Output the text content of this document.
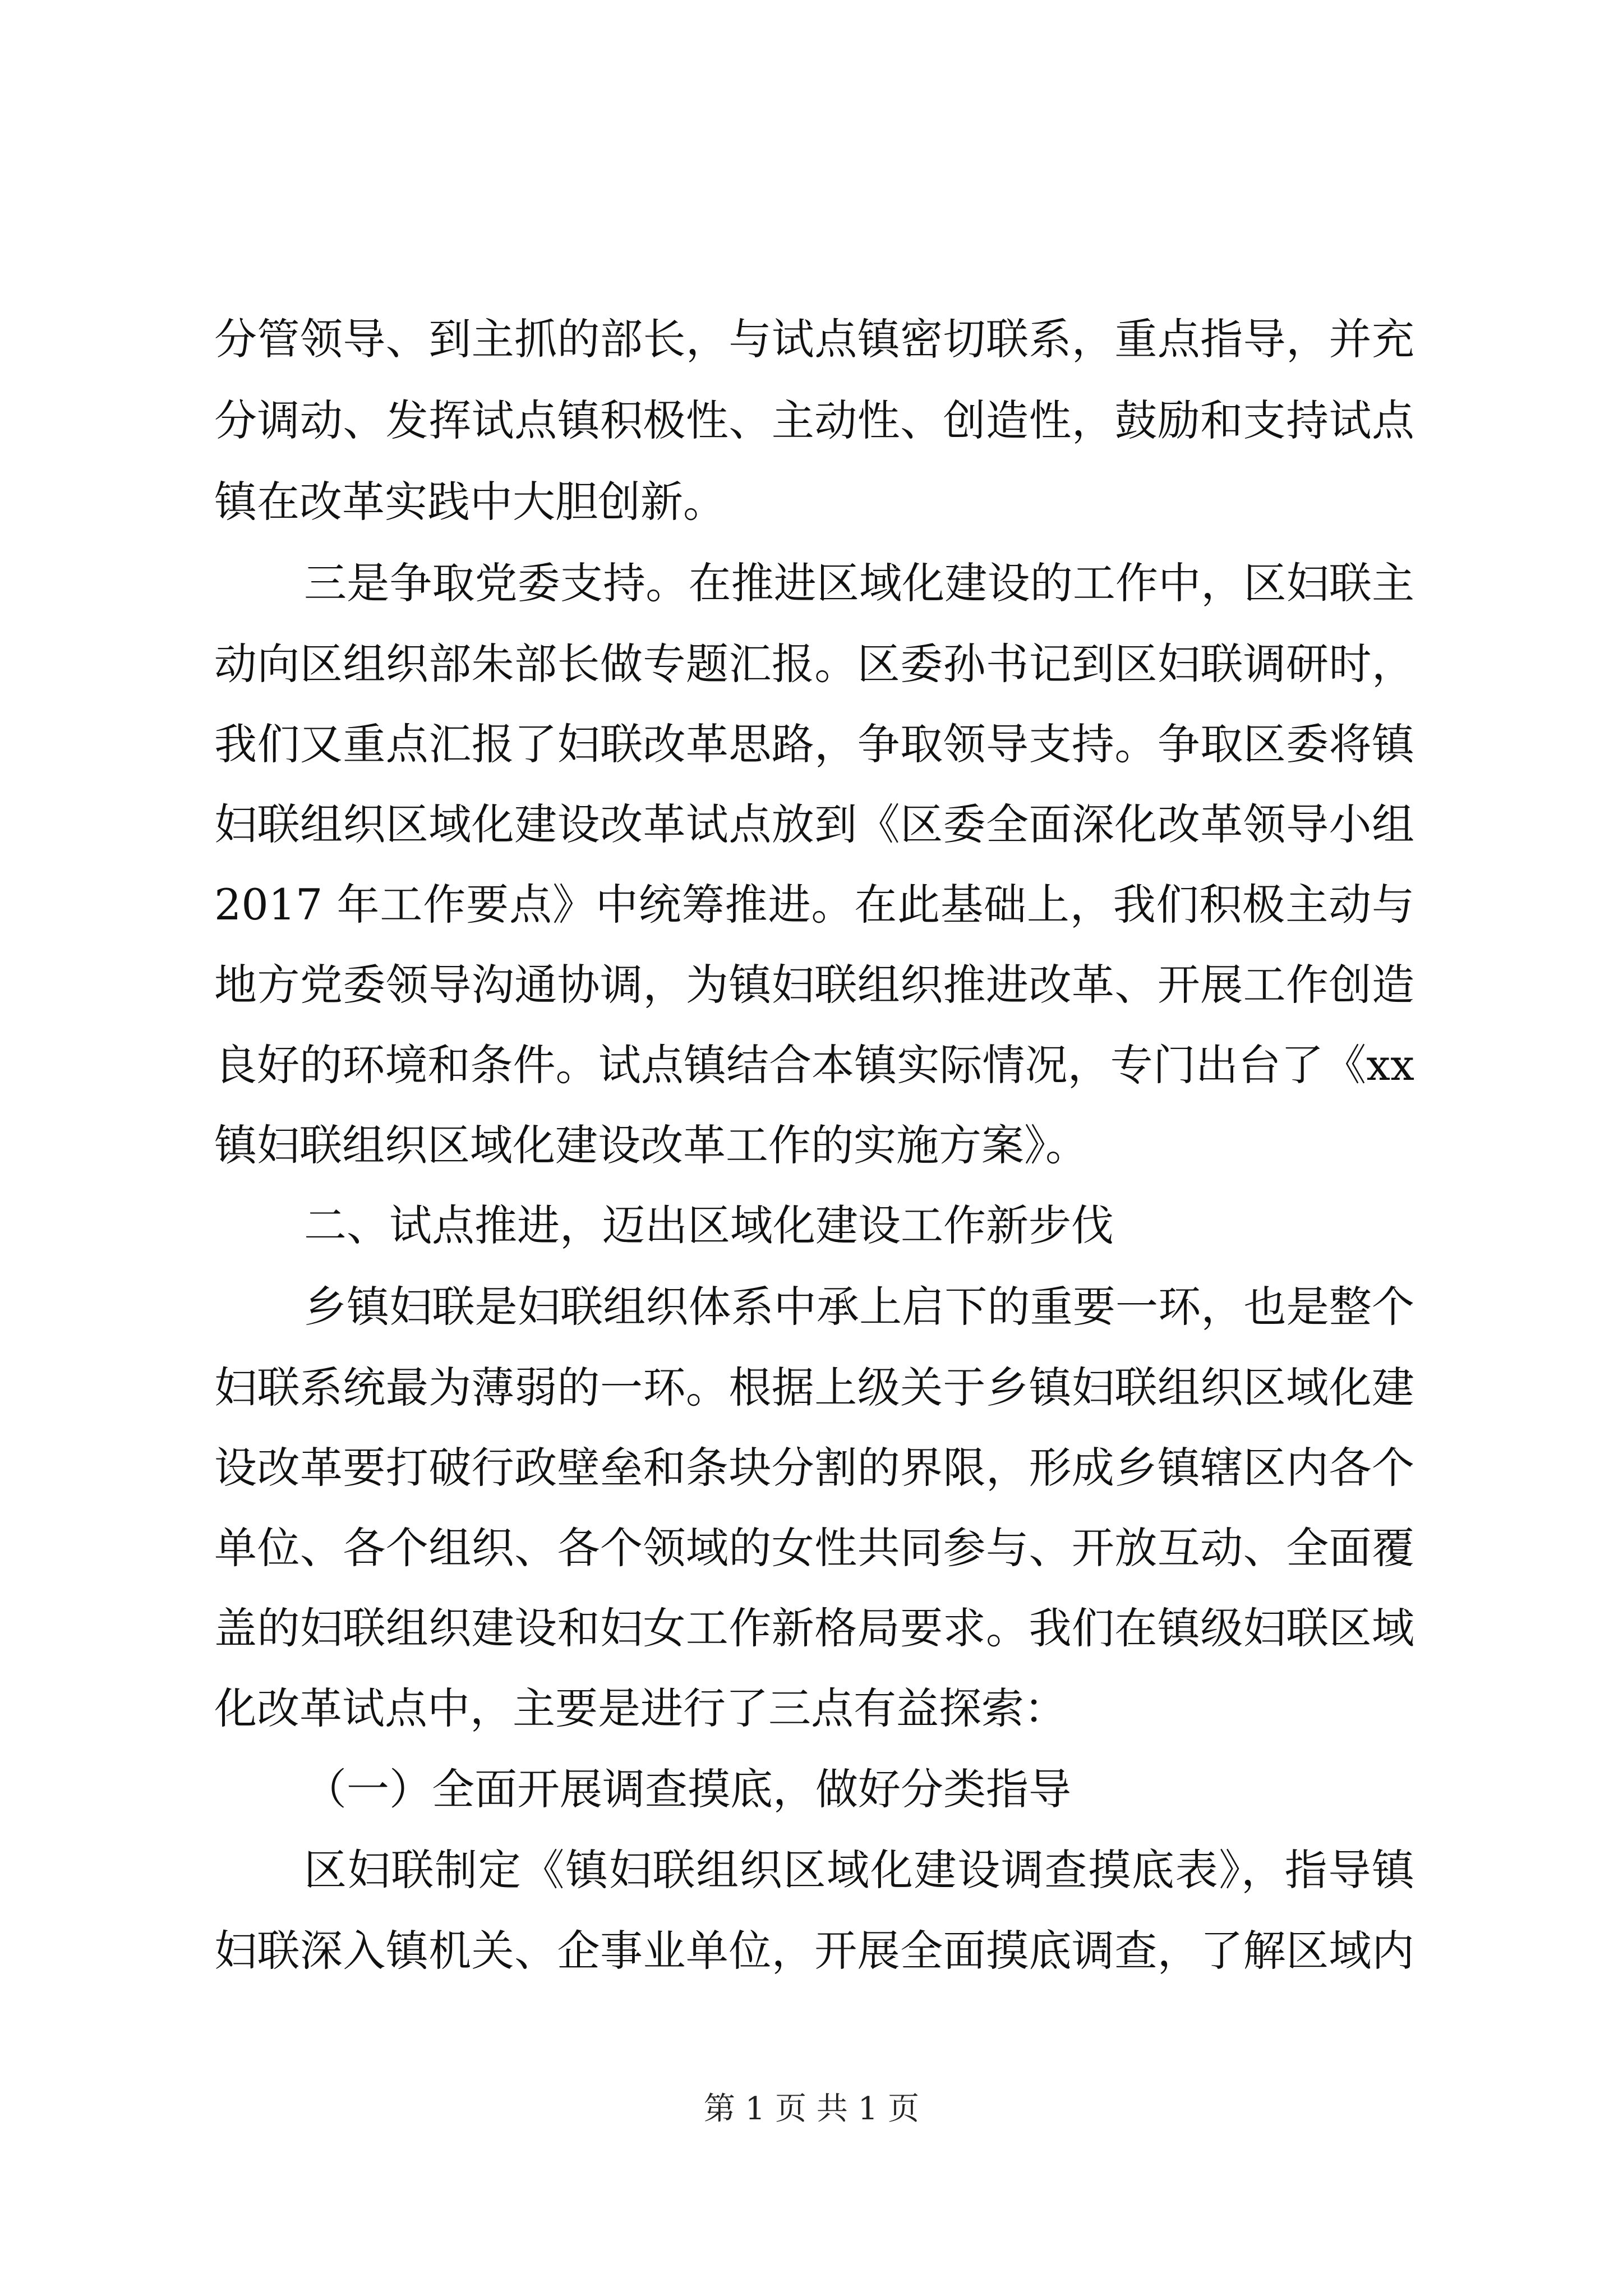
分管领导、到主抓的部长，与试点镇密切联系，重点指导，并充
分调动、发挥试点镇积极性、主动性、创造性，鼓励和支持试点
镇在改革实践中大胆创新。
三是争取党委支持。在推进区域化建设的工作中，区妇联主
动向区组织部朱部长做专题汇报。区委孙书记到区妇联调研时，
我们又重点汇报了妇联改革思路，争取领导支持。争取区委将镇
妇联组织区域化建设改革试点放到《区委全面深化改革领导小组
2017 年工作要点》中统筹推进。在此基础上，我们积极主动与
地方党委领导沟通协调，为镇妇联组织推进改革、开展工作创造
良好的环境和条件。试点镇结合本镇实际情况，专门出台了《xx
镇妇联组织区域化建设改革工作的实施方案》。
二、试点推进，迈出区域化建设工作新步伐
乡镇妇联是妇联组织体系中承上启下的重要一环，也是整个
妇联系统最为薄弱的一环。根据上级关于乡镇妇联组织区域化建
设改革要打破行政壁垒和条块分割的界限，形成乡镇辖区内各个
单位、各个组织、各个领域的女性共同参与、开放互动、全面覆
盖的妇联组织建设和妇女工作新格局要求。我们在镇级妇联区域
化改革试点中，主要是进行了三点有益探索：
（一）全面开展调查摸底，做好分类指导
区妇联制定《镇妇联组织区域化建设调查摸底表》，指导镇
妇联深入镇机关、企事业单位，开展全面摸底调查，了解区域内
第 1 页 共 1 页
